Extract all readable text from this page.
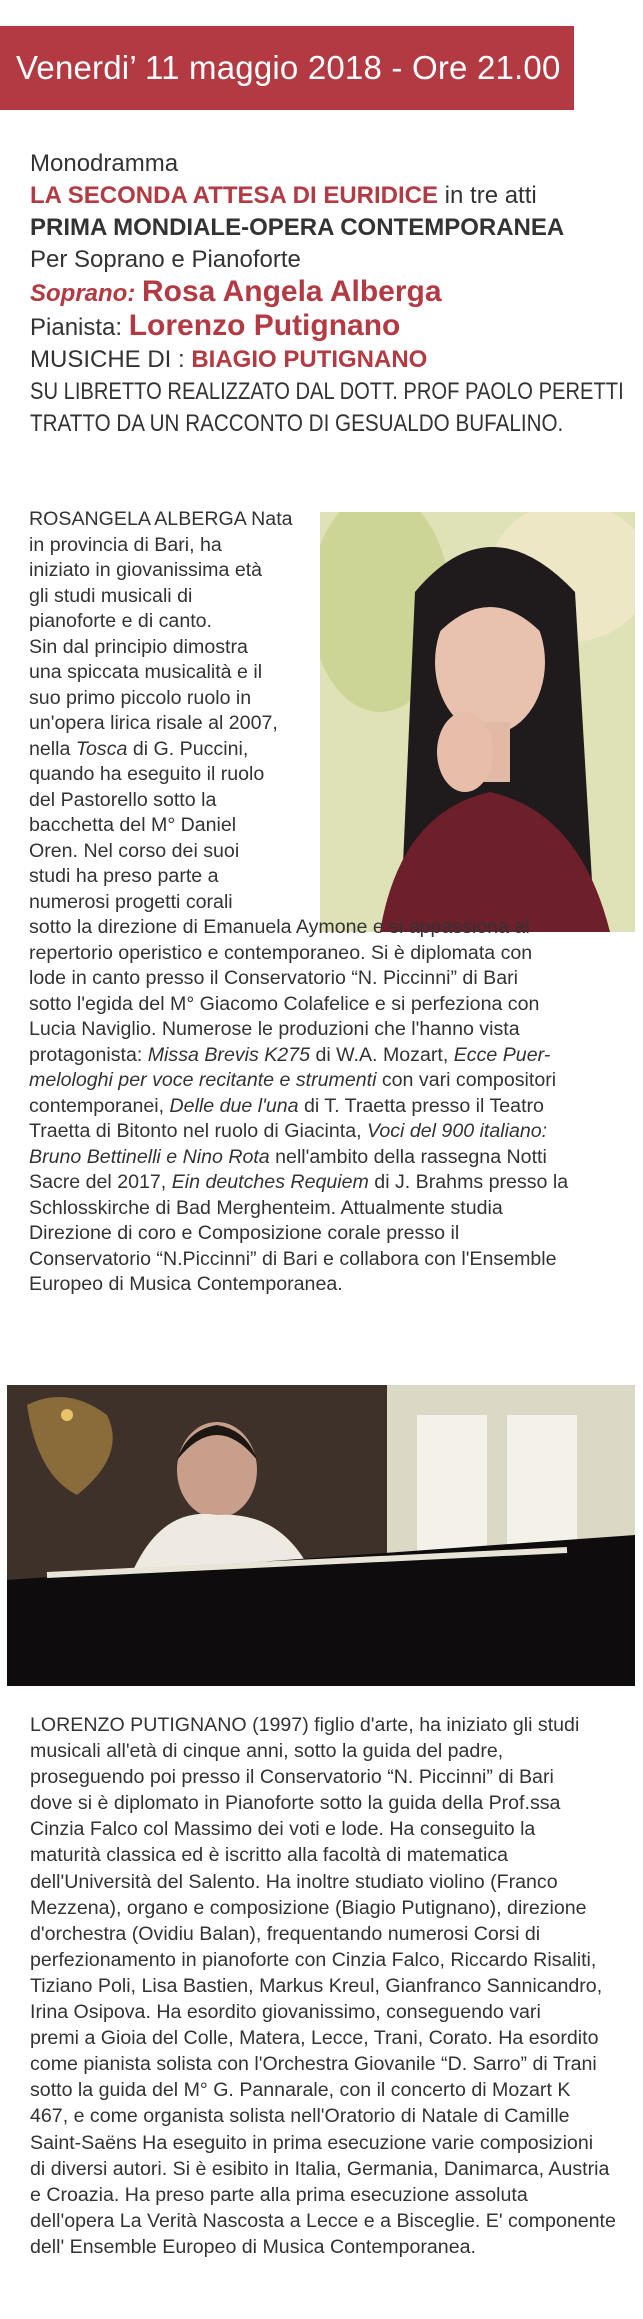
Venerdi’ 11 maggio 2018 - Ore 21.00
Monodramma
LA SECONDA ATTESA DI EURIDICE in tre atti
PRIMA MONDIALE-OPERA CONTEMPORANEA
Per Soprano e Pianoforte
Soprano: Rosa Angela Alberga
Pianista: Lorenzo Putignano
MUSICHE DI : BIAGIO PUTIGNANO
SU LIBRETTO REALIZZATO DAL DOTT. PROF PAOLO PERETTI
TRATTO DA UN RACCONTO DI GESUALDO BUFALINO.
ROSANGELA ALBERGA Nata
in provincia di Bari, ha
iniziato in giovanissima età
gli studi musicali di
pianoforte e di canto.
Sin dal principio dimostra
una spiccata musicalità e il
suo primo piccolo ruolo in
un'opera lirica risale al 2007,
nella Tosca di G. Puccini,
quando ha eseguito il ruolo
del Pastorello sotto la
bacchetta del M° Daniel
Oren. Nel corso dei suoi
studi ha preso parte a
numerosi progetti corali
sotto la direzione di Emanuela Aymone e si appassiona al
repertorio operistico e contemporaneo. Si è diplomata con
lode in canto presso il Conservatorio “N. Piccinni” di Bari
sotto l'egida del M° Giacomo Colafelice e si perfeziona con
Lucia Naviglio. Numerose le produzioni che l'hanno vista
protagonista: Missa Brevis K275 di W.A. Mozart, Ecce Puer-
melologhi per voce recitante e strumenti con vari compositori
contemporanei, Delle due l'una di T. Traetta presso il Teatro
Traetta di Bitonto nel ruolo di Giacinta, Voci del 900 italiano:
Bruno Bettinelli e Nino Rota nell'ambito della rassegna Notti
Sacre del 2017, Ein deutches Requiem di J. Brahms presso la
Schlosskirche di Bad Merghenteim. Attualmente studia
Direzione di coro e Composizione corale presso il
Conservatorio “N.Piccinni” di Bari e collabora con l'Ensemble
Europeo di Musica Contemporanea.

LORENZO PUTIGNANO (1997) figlio d'arte, ha iniziato gli studi

musicali all'età di cinque anni, sotto la guida del padre,

proseguendo poi presso il Conservatorio “N. Piccinni” di Bari

dove si è diplomato in Pianoforte sotto la guida della Prof.ssa

Cinzia Falco col Massimo dei voti e lode. Ha conseguito la

maturità classica ed è iscritto alla facoltà di matematica

dell'Università del Salento. Ha inoltre studiato violino (Franco

Mezzena), organo e composizione (Biagio Putignano), direzione

d'orchestra (Ovidiu Balan), frequentando numerosi Corsi di

perfezionamento in pianoforte con Cinzia Falco, Riccardo Risaliti,

Tiziano Poli, Lisa Bastien, Markus Kreul, Gianfranco Sannicandro,

Irina Osipova. Ha esordito giovanissimo, conseguendo vari

premi a Gioia del Colle, Matera, Lecce, Trani, Corato. Ha esordito

come pianista solista con l'Orchestra Giovanile “D. Sarro” di Trani

sotto la guida del M° G. Pannarale, con il concerto di Mozart K

467, e come organista solista nell'Oratorio di Natale di Camille

Saint-Saëns Ha eseguito in prima esecuzione varie composizioni

di diversi autori. Si è esibito in Italia, Germania, Danimarca, Austria

e Croazia. Ha preso parte alla prima esecuzione assoluta

dell'opera La Verità Nascosta a Lecce e a Bisceglie. E' componente

dell' Ensemble Europeo di Musica Contemporanea.
